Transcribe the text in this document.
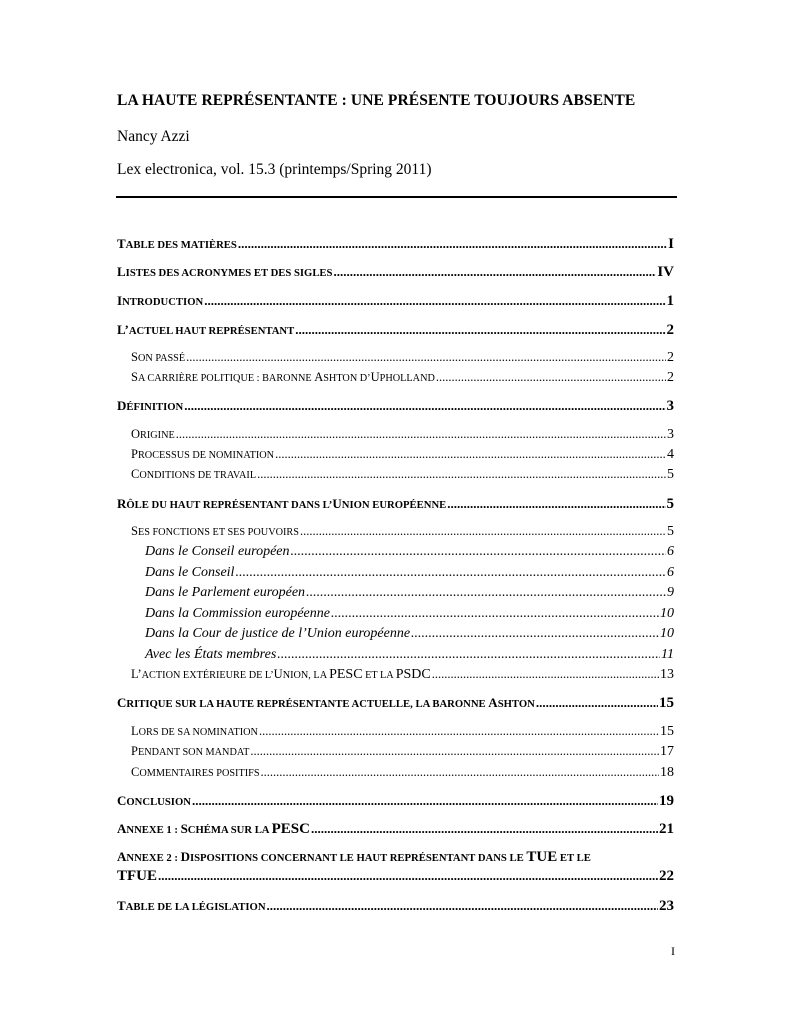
LA HAUTE REPRÉSENTANTE : UNE PRÉSENTE TOUJOURS ABSENTE
Nancy Azzi
Lex electronica, vol. 15.3 (printemps/Spring 2011)
TABLE DES MATIÈRES .....	I
LISTES DES ACRONYMES ET DES SIGLES .....	IV
INTRODUCTION .....	1
L’ACTUEL HAUT REPRÉSENTANT .....	2
SON PASSÉ .....	2
SA CARRIÈRE POLITIQUE : BARONNE ASHTON D’UPHOLLAND .....	2
DÉFINITION .....	3
ORIGINE .....	3
PROCESSUS DE NOMINATION .....	4
CONDITIONS DE TRAVAIL .....	5
RÔLE DU HAUT REPRÉSENTANT DANS L’UNION EUROPÉENNE .....	5
SES FONCTIONS ET SES POUVOIRS .....	5
Dans le Conseil européen .....	6
Dans le Conseil .....	6
Dans le Parlement européen .....	9
Dans la Commission européenne .....	10
Dans la Cour de justice de l’Union européenne .....	10
Avec les États membres .....	11
L’ACTION EXTÉRIEURE DE L’UNION, LA PESC ET LA PSDC .....	13
CRITIQUE SUR LA HAUTE REPRÉSENTANTE ACTUELLE, LA BARONNE ASHTON .....	15
LORS DE SA NOMINATION .....	15
PENDANT SON MANDAT .....	17
COMMENTAIRES POSITIFS .....	18
CONCLUSION .....	19
ANNEXE 1 : SCHÉMA SUR LA PESC .....	21
ANNEXE 2 : DISPOSITIONS CONCERNANT LE HAUT REPRÉSENTANT DANS LE TUE ET LE
TFUE .....	22
TABLE DE LA LÉGISLATION .....	23
I
